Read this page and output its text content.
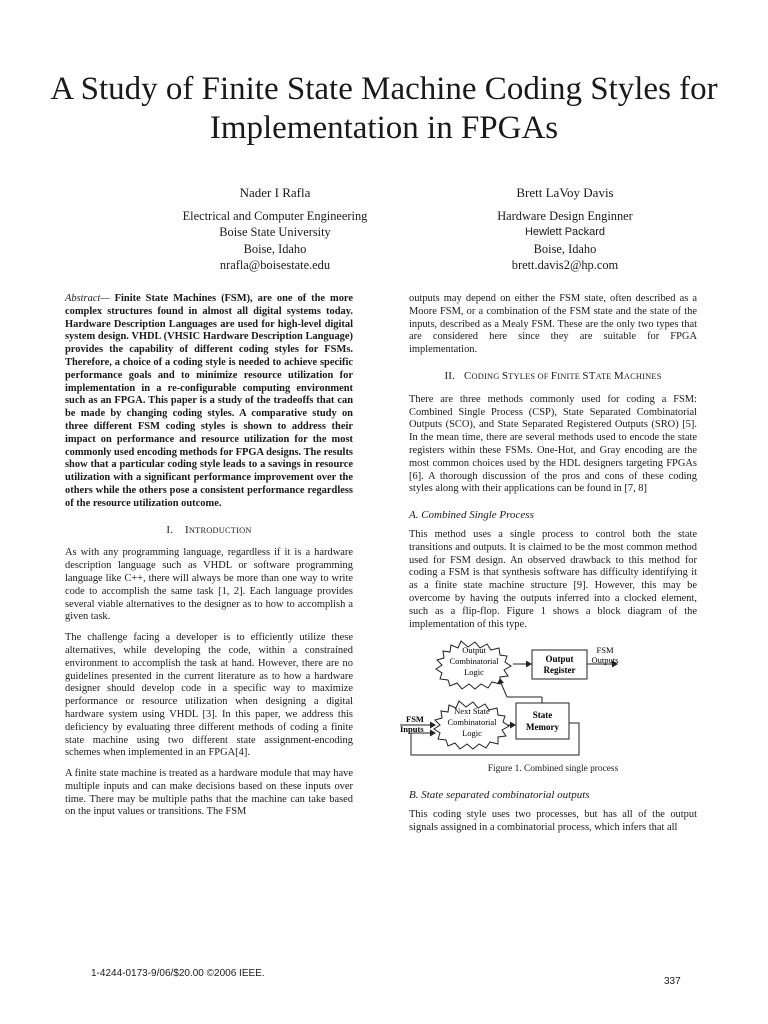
A Study of Finite State Machine Coding Styles for
Implementation in FPGAs
Nader I Rafla
Electrical and Computer Engineering
Boise State University
Boise, Idaho
nrafla@boisestate.edu
Brett LaVoy Davis
Hardware Design Enginner
Hewlett Packard
Boise, Idaho
brett.davis2@hp.com

Abstract— Finite State Machines (FSM), are one of the more complex structures found in almost all digital systems today. Hardware Description Languages are used for high-level digital system design. VHDL (VHSIC Hardware Description Language) provides the capability of different coding styles for FSMs. Therefore, a choice of a coding style is needed to achieve specific performance goals and to minimize resource utilization for implementation in a re-configurable computing environment such as an FPGA. This paper is a study of the tradeoffs that can be made by changing coding styles. A comparative study on three different FSM coding styles is shown to address their impact on performance and resource utilization for the most commonly used encoding methods for FPGA designs. The results show that a particular coding style leads to a savings in resource utilization with a significant performance improvement over the others while the others pose a consistent performance regardless of the resource utilization outcome.

I. INTRODUCTION

As with any programming language, regardless if it is a hardware description language such as VHDL or software programming language like C++, there will always be more than one way to write code to accomplish the same task [1, 2]. Each language provides several viable alternatives to the designer as to how to accomplish a given task.

The challenge facing a developer is to efficiently utilize these alternatives, while developing the code, within a constrained environment to accomplish the task at hand. However, there are no guidelines presented in the current literature as to how a hardware designer should develop code in a specific way to maximize performance or resource utilization when designing a digital hardware system using VHDL [3]. In this paper, we address this deficiency by evaluating three different methods of coding a finite state machine using two different state assignment-encoding schemes when implemented in an FPGA[4].

A finite state machine is treated as a hardware module that may have multiple inputs and can make decisions based on these inputs over time. There may be multiple paths that the machine can take based on the input values or transitions. The FSM

outputs may depend on either the FSM state, often described as a Moore FSM, or a combination of the FSM state and the state of the inputs, described as a Mealy FSM. These are the only two types that are considered here since they are suitable for FPGA implementation.

II. CODING STYLES OF FINITE STATE MACHINES

There are three methods commonly used for coding a FSM: Combined Single Process (CSP), State Separated Combinatorial Outputs (SCO), and State Separated Registered Outputs (SRO) [5]. In the mean time, there are several methods used to encode the state registers within these FSMs. One-Hot, and Gray encoding are the most common choices used by the HDL designers targeting FPGAs [6]. A thorough discussion of the pros and cons of these coding styles along with their applications can be found in [7, 8]

A. Combined Single Process

This method uses a single process to control both the state transitions and outputs. It is claimed to be the most common method used for FSM design. An observed drawback to this method for coding a FSM is that synthesis software has difficulty identifying it as a finite state machine structure [9]. However, this may be overcome by having the outputs inferred into a clocked element, such as a flip-flop. Figure 1 shows a block diagram of the implementation of this type.

Output
Combinatorial
Logic
Output
Register
FSM
Outputs
Next State
Combinatorial
Logic
FSM
Inputs
State
Memory
Figure 1. Combined single process
B. State separated combinatorial outputs

This coding style uses two processes, but has all of the output signals assigned in a combinatorial process, which infers that all

1-4244-0173-9/06/$20.00 ©2006 IEEE.
337
